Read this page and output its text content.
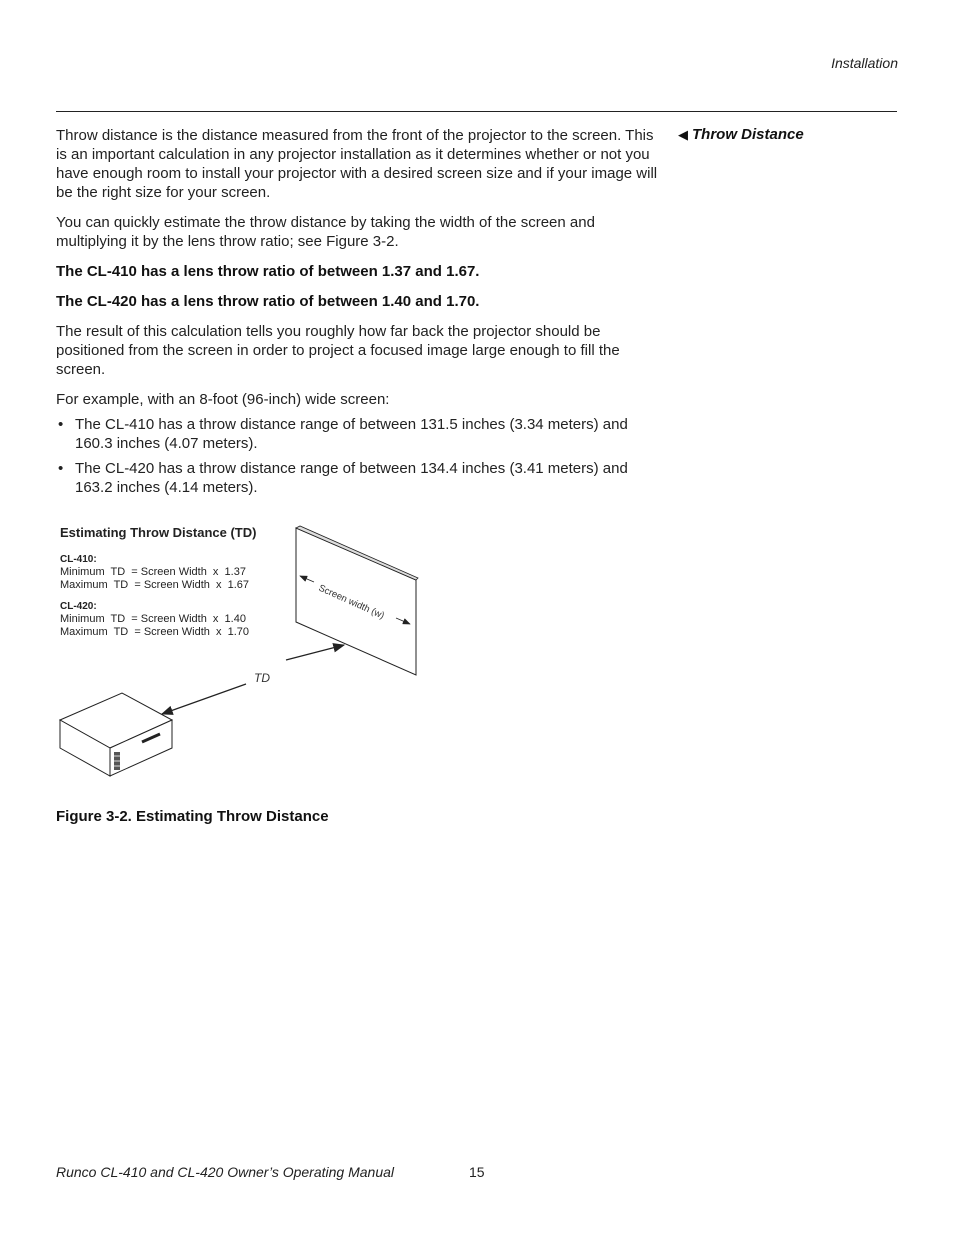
Installation
◀ Throw Distance

Throw distance is the distance measured from the front of the projector to the screen. This is an important calculation in any projector installation as it determines whether or not you have enough room to install your projector with a desired screen size and if your image will be the right size for your screen.

You can quickly estimate the throw distance by taking the width of the screen and multiplying it by the lens throw ratio; see Figure 3-2.

The CL-410 has a lens throw ratio of between 1.37 and 1.67.

The CL-420 has a lens throw ratio of between 1.40 and 1.70.

The result of this calculation tells you roughly how far back the projector should be positioned from the screen in order to project a focused image large enough to fill the screen.

For example, with an 8-foot (96-inch) wide screen:

• The CL-410 has a throw distance range of between 131.5 inches (3.34 meters) and 160.3 inches (4.07 meters).
• The CL-420 has a throw distance range of between 134.4 inches (3.41 meters) and 163.2 inches (4.14 meters).
Screen width (w)
TD
Estimating Throw Distance (TD)
CL-410:
Minimum  TD  = Screen Width  x  1.37
Maximum  TD  = Screen Width  x  1.67
CL-420:
Minimum  TD  = Screen Width  x  1.40
Maximum  TD  = Screen Width  x  1.70
Figure 3-2. Estimating Throw Distance
Runco CL-410 and CL-420 Owner’s Operating Manual	15
